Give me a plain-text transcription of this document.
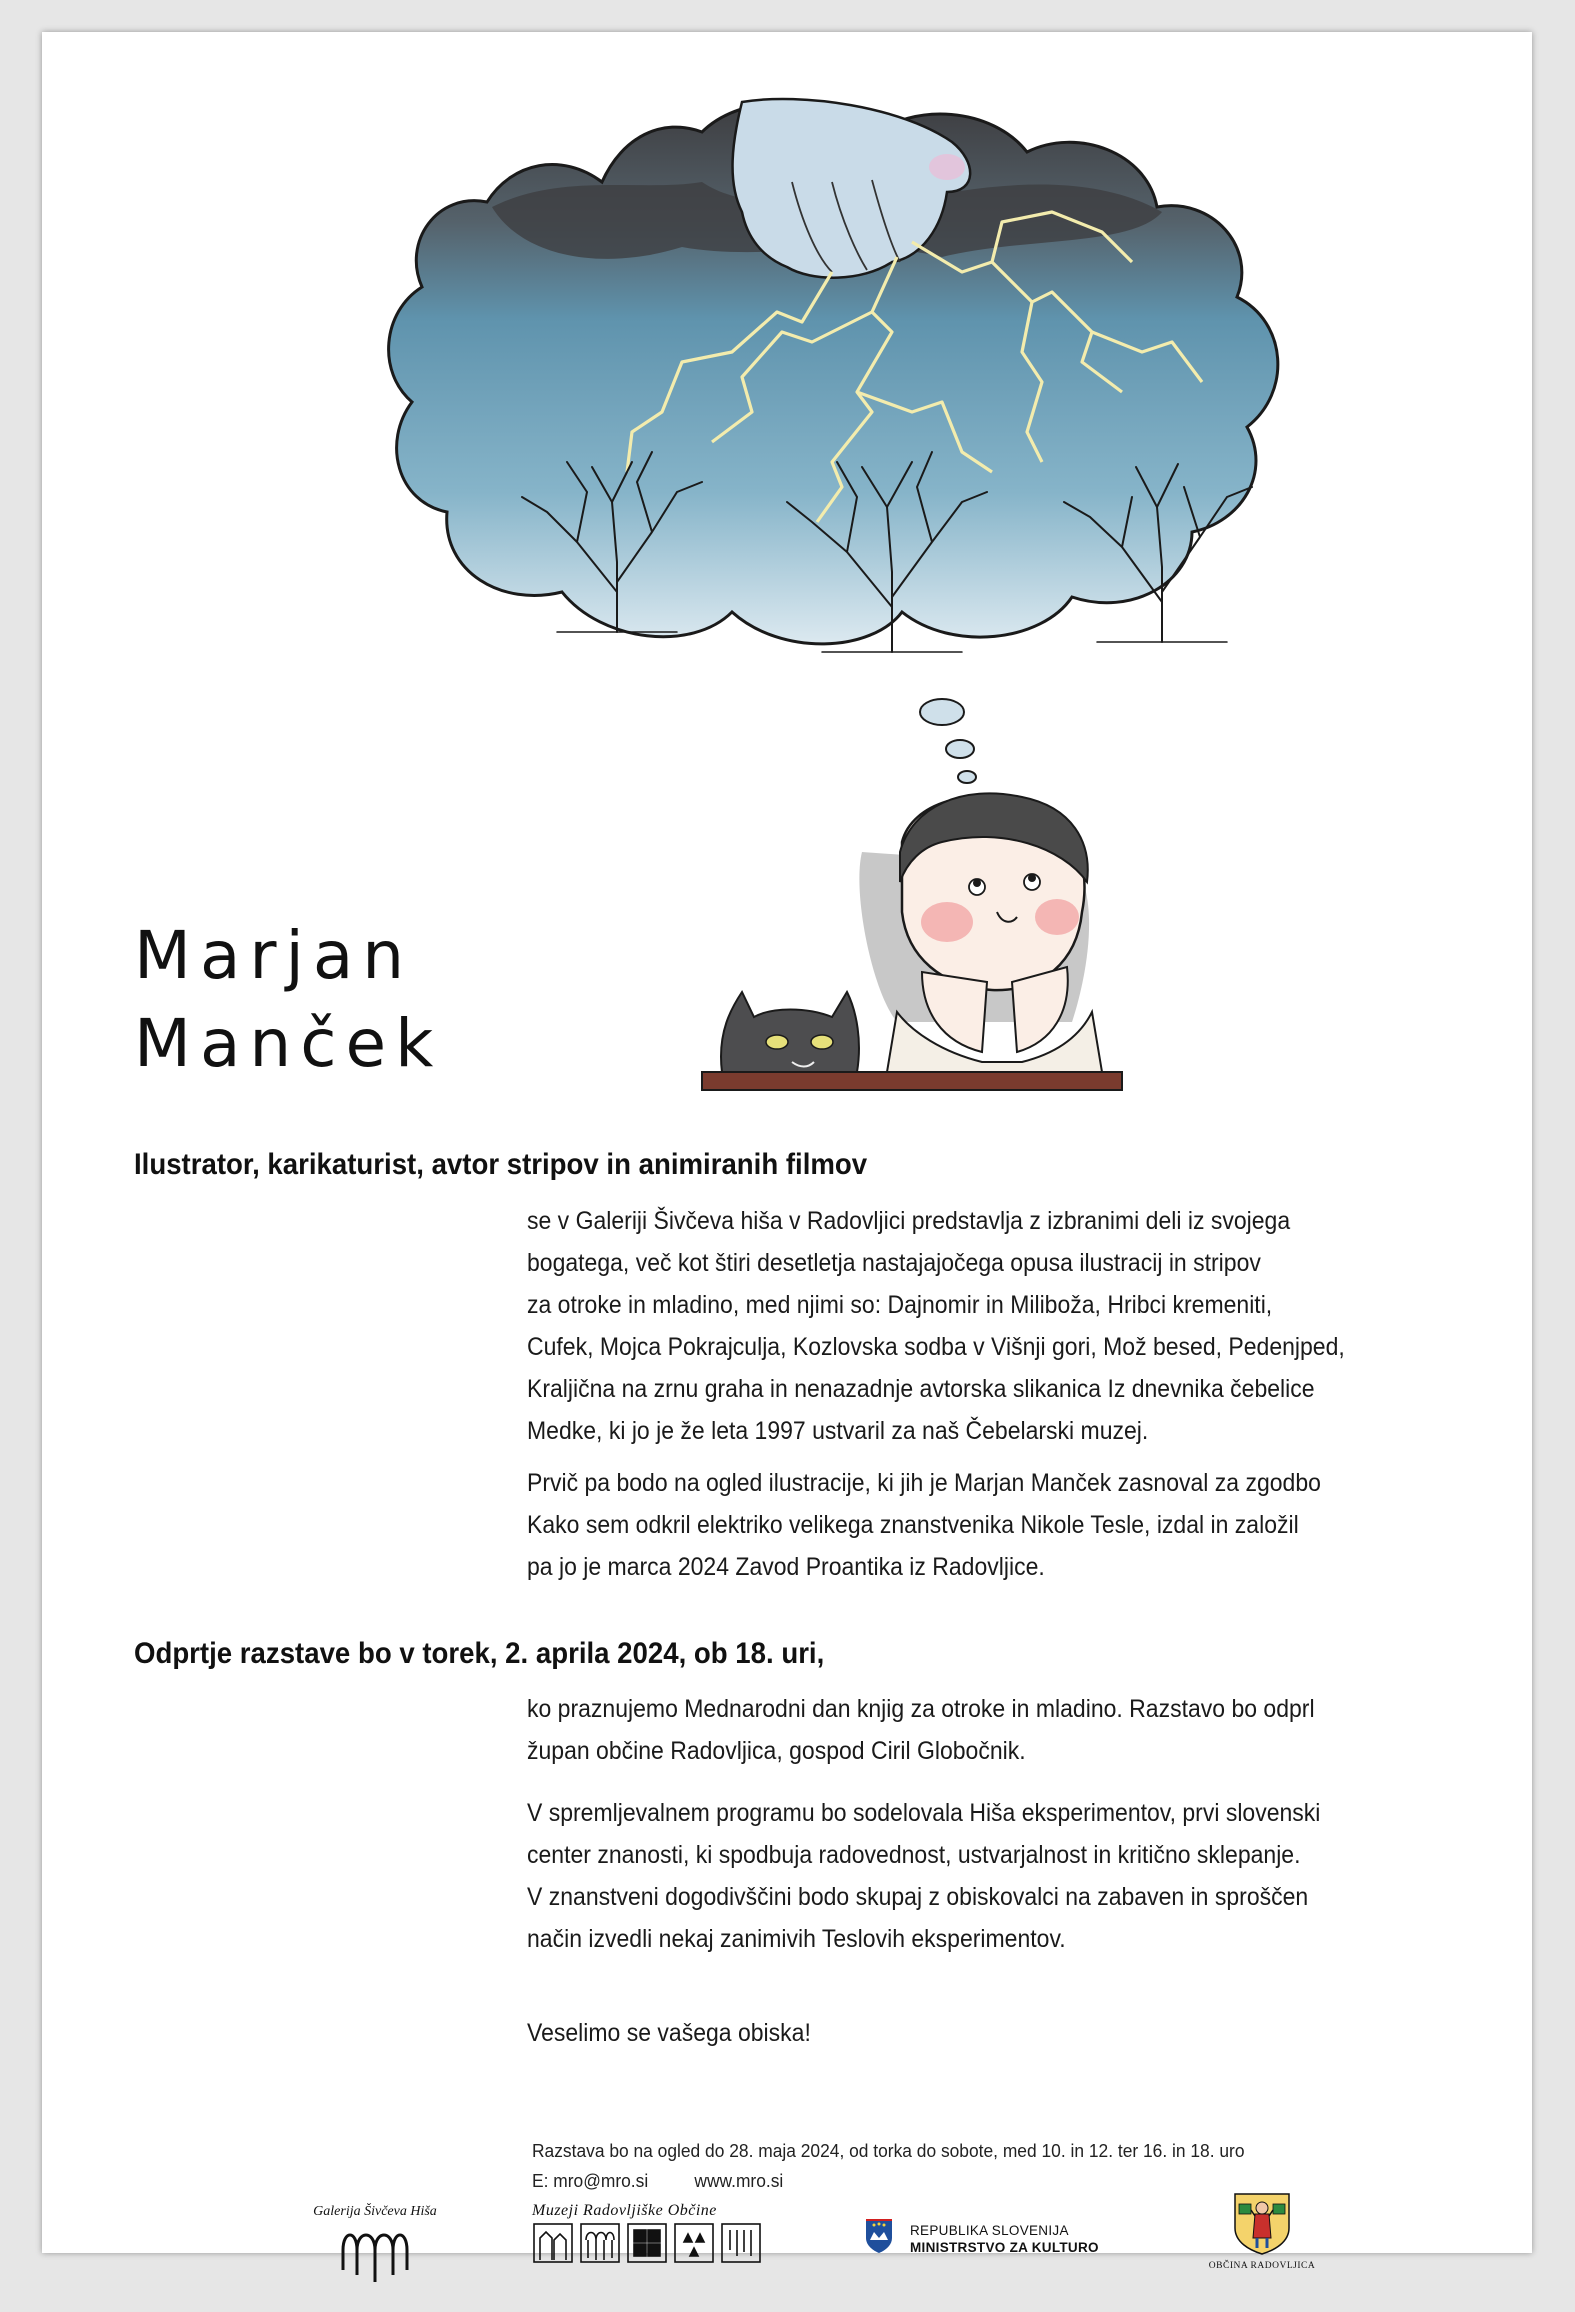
Marjan
Manček
Ilustrator, karikaturist, avtor stripov in animiranih filmov

se v Galeriji Šivčeva hiša v Radovljici predstavlja z izbranimi deli iz svojega
bogatega, več kot štiri desetletja nastajajočega opusa ilustracij in stripov
za otroke in mladino, med njimi so: Dajnomir in Miliboža, Hribci kremeniti,
Cufek, Mojca Pokrajculja, Kozlovska sodba v Višnji gori, Mož besed, Pedenjped,
Kraljična na zrnu graha in nenazadnje avtorska slikanica Iz dnevnika čebelice
Medke, ki jo je že leta 1997 ustvaril za naš Čebelarski muzej.

Prvič pa bodo na ogled ilustracije, ki jih je Marjan Manček zasnoval za zgodbo
Kako sem odkril elektriko velikega znanstvenika Nikole Tesle, izdal in založil
pa jo je marca 2024 Zavod Proantika iz Radovljice.

Odprtje razstave bo v torek, 2. aprila 2024, ob 18. uri,

ko praznujemo Mednarodni dan knjig za otroke in mladino. Razstavo bo odprl
župan občine Radovljica, gospod Ciril Globočnik.

V spremljevalnem programu bo sodelovala Hiša eksperimentov, prvi slovenski
center znanosti, ki spodbuja radovednost, ustvarjalnost in kritično sklepanje.
V znanstveni dogodivščini bodo skupaj z obiskovalci na zabaven in sproščen
način izvedli nekaj zanimivih Teslovih eksperimentov.

Veselimo se vašega obiska!

Razstava bo na ogled do 28. maja 2024, od torka do sobote, med 10. in 12. ter 16. in 18. uro
E: mro@mro.si www.mro.si
Galerija Šivčeva Hiša	Muzeji Radovljiške Občine
REPUBLIKA SLOVENIJA
MINISTRSTVO ZA KULTURO
OBČINA RADOVLJICA
